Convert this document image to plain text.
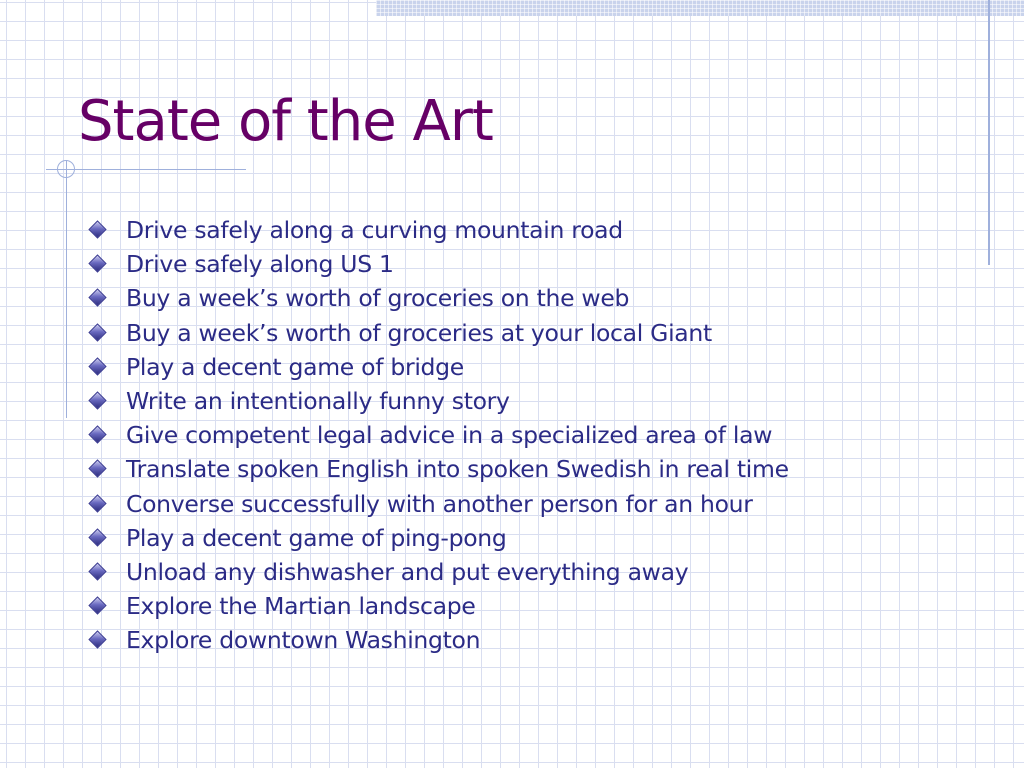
State of the Art
Drive safely along a curving mountain road
Drive safely along US 1
Buy a week’s worth of groceries on the web
Buy a week’s worth of groceries at your local Giant
Play a decent game of bridge
Write an intentionally funny story
Give competent legal advice in a specialized area of law
Translate spoken English into spoken Swedish in real time
Converse successfully with another person for an hour
Play a decent game of ping-pong
Unload any dishwasher and put everything away
Explore the Martian landscape
Explore downtown Washington
